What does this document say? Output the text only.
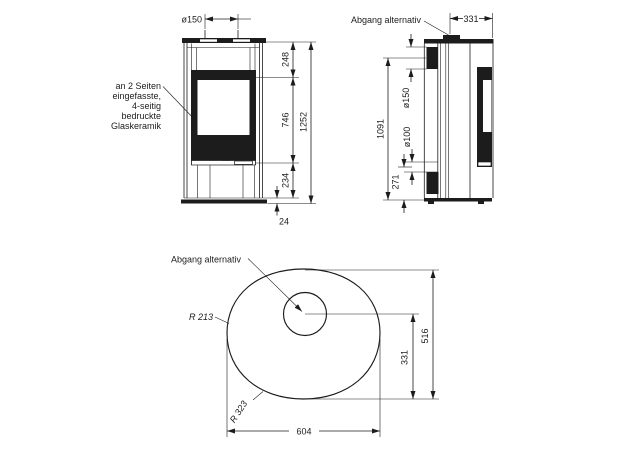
ø150
an 2 Seiten
eingefasste,
4-seitig
bedruckte
Glaskeramik
248
746
234
1252
24
Abgang alternativ	331
ø150
ø100
1091
271
Abgang alternativ
R 213
R 323
604
516
331
